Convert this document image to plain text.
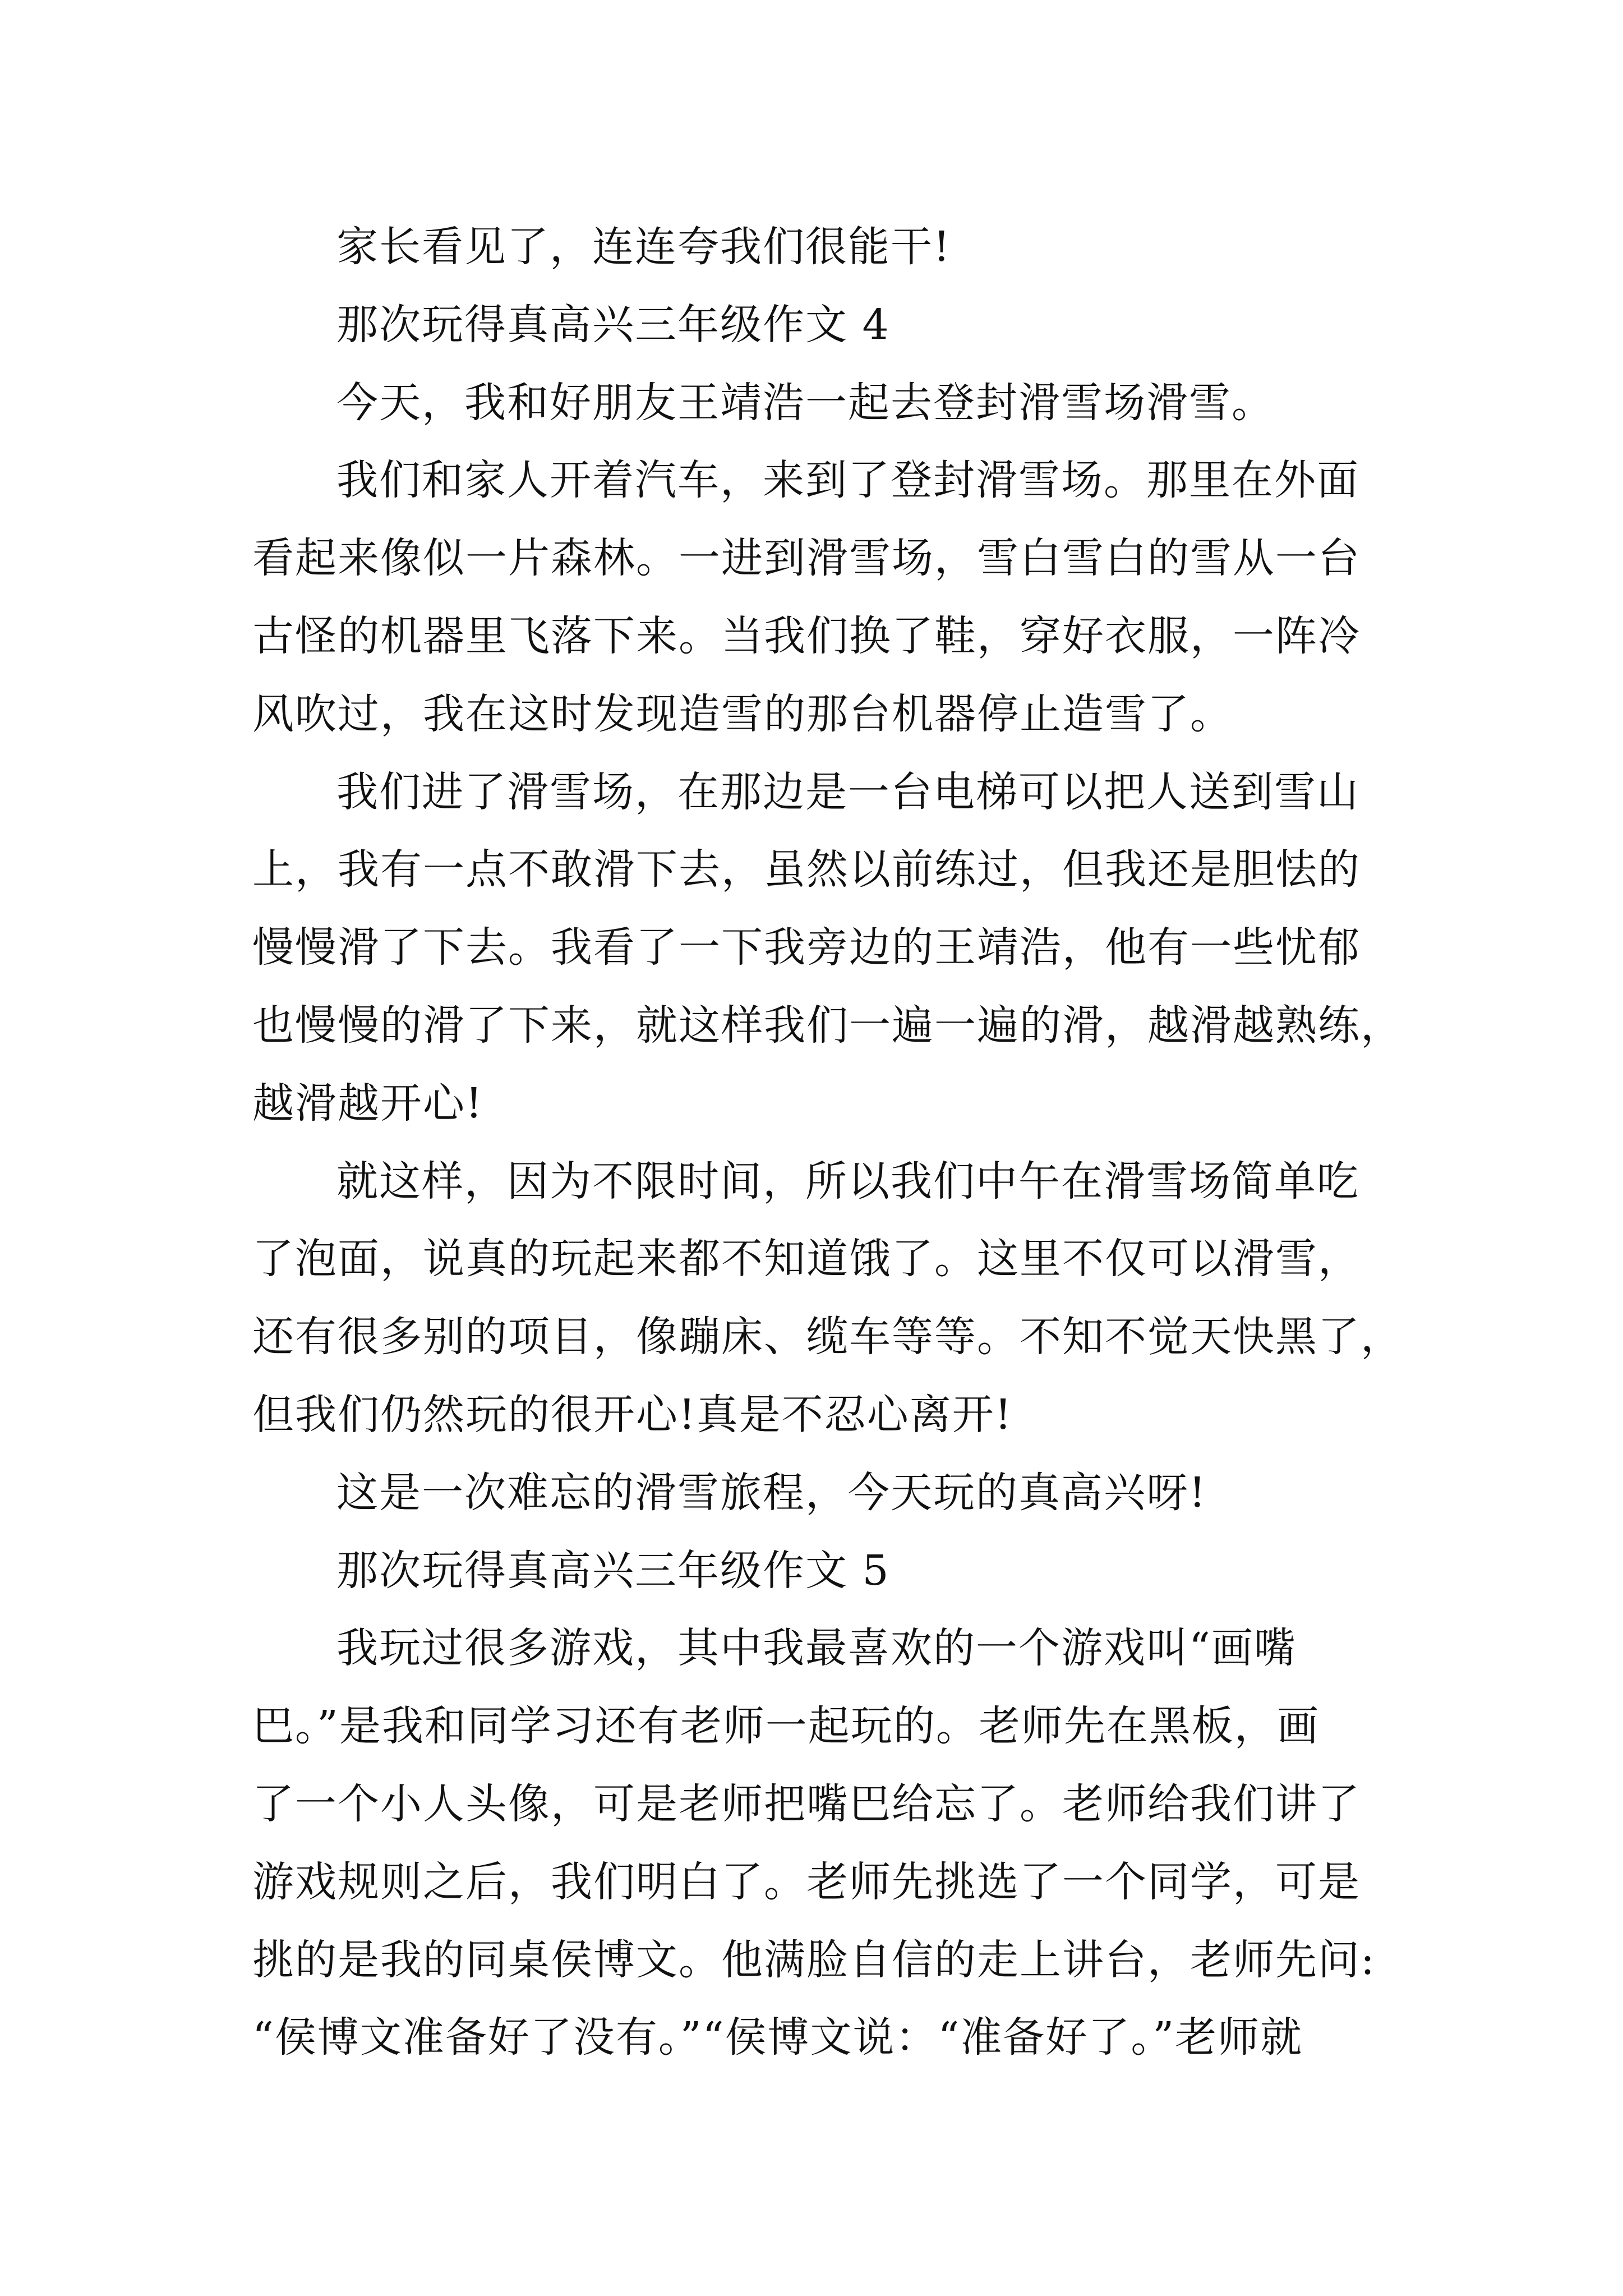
家长看见了，连连夸我们很能干!
那次玩得真高兴三年级作文 4
今天，我和好朋友王靖浩一起去登封滑雪场滑雪。
我们和家人开着汽车，来到了登封滑雪场。那里在外面
看起来像似一片森林。一进到滑雪场，雪白雪白的雪从一台
古怪的机器里飞落下来。当我们换了鞋，穿好衣服，一阵冷
风吹过，我在这时发现造雪的那台机器停止造雪了。
我们进了滑雪场，在那边是一台电梯可以把人送到雪山
上，我有一点不敢滑下去，虽然以前练过，但我还是胆怯的
慢慢滑了下去。我看了一下我旁边的王靖浩，他有一些忧郁
也慢慢的滑了下来，就这样我们一遍一遍的滑，越滑越熟练，
越滑越开心!
就这样，因为不限时间，所以我们中午在滑雪场简单吃
了泡面，说真的玩起来都不知道饿了。这里不仅可以滑雪，
还有很多别的项目，像蹦床、缆车等等。不知不觉天快黑了，
但我们仍然玩的很开心!真是不忍心离开!
这是一次难忘的滑雪旅程，今天玩的真高兴呀!
那次玩得真高兴三年级作文 5
我玩过很多游戏，其中我最喜欢的一个游戏叫“画嘴
巴。”是我和同学习还有老师一起玩的。老师先在黑板，画
了一个小人头像，可是老师把嘴巴给忘了。老师给我们讲了
游戏规则之后，我们明白了。老师先挑选了一个同学，可是
挑的是我的同桌侯博文。他满脸自信的走上讲台，老师先问:
“侯博文准备好了没有。”“侯博文说：“准备好了。”老师就
